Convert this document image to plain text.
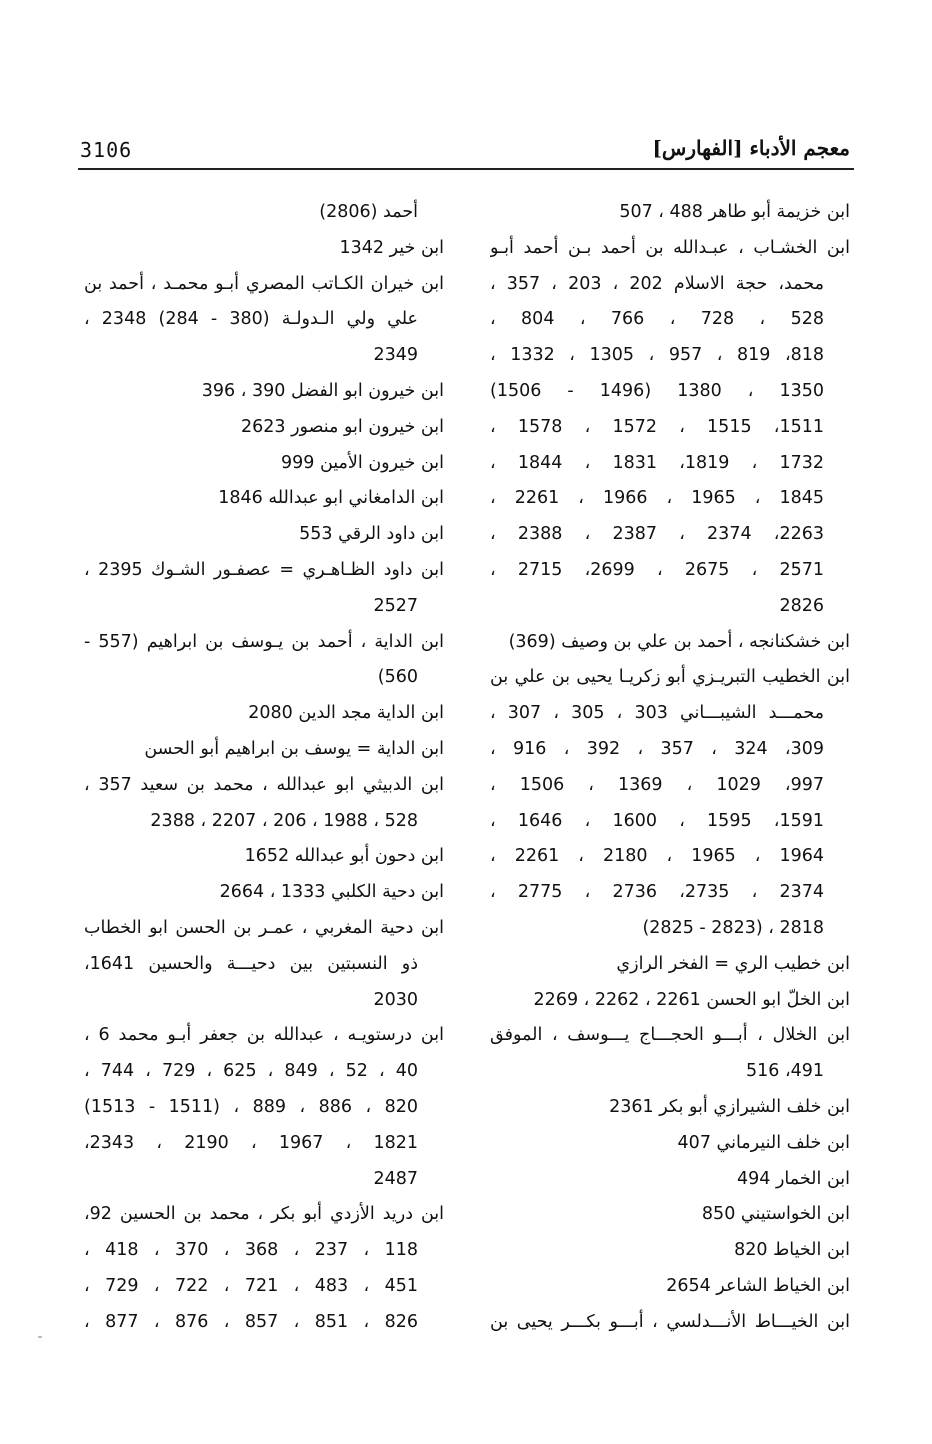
3106	معجم الأدباء [الفهارس]
ابن خزيمة أبو طاهر 488 ، 507
ابن الخشـاب ، عبـدالله بن أحمد بـن أحمد أبـو
محمد، حجة الاسلام 202 ، 203 ، 357 ،
528 ، 728 ، 766 ، 804 ،
818، 819 ، 957 ، 1305 ، 1332 ،
1350 ، 1380 (1496 - 1506)
1511، 1515 ، 1572 ، 1578 ،
1732 ، 1819، 1831 ، 1844 ،
1845 ، 1965 ، 1966 ، 2261 ،
2263، 2374 ، 2387 ، 2388 ،
2571 ، 2675 ، 2699، 2715 ،
2826
ابن خشكنانجه ، أحمد بن علي بن وصيف (369)
ابن الخطيب التبريـزي أبو زكريـا يحيى بن علي بن
محمـــد الشيبـــاني 303 ، 305 ، 307 ،
309، 324 ، 357 ، 392 ، 916 ،
997، 1029 ، 1369 ، 1506 ،
1591، 1595 ، 1600 ، 1646 ،
1964 ، 1965 ، 2180 ، 2261 ،
2374 ، 2735، 2736 ، 2775 ،
2818 ، (2823 - 2825)
ابن خطيب الري = الفخر الرازي
ابن الخلّ ابو الحسن 2261 ، 2262 ، 2269
ابن الخلال ، أبـــو الحجـــاج يـــوسف ، الموفق
491، 516
ابن خلف الشيرازي أبو بكر 2361
ابن خلف النيرماني 407
ابن الخمار 494
ابن الخواستيني 850
ابن الخياط 820
ابن الخياط الشاعر 2654
ابن الخيـــاط الأنـــدلسي ، أبـــو بكـــر يحيى بن
أحمد (2806)
ابن خير 1342
ابن خيران الكـاتب المصري أبـو محمـد ، أحمد بن
علي ولي الـدولـة (380 - 284) 2348 ،
2349
ابن خيرون ابو الفضل 390 ، 396
ابن خيرون ابو منصور 2623
ابن خيرون الأمين 999
ابن الدامغاني ابو عبدالله 1846
ابن داود الرقي 553
ابن داود الظـاهـري = عصفـور الشـوك 2395 ،
2527
ابن الداية ، أحمد بن يـوسف بن ابراهيم (557 -
560)
ابن الداية مجد الدين 2080
ابن الداية = يوسف بن ابراهيم أبو الحسن
ابن الدبيثي ابو عبدالله ، محمد بن سعيد 357 ،
528 ، 1988 ، 206 ، 2207 ، 2388
ابن دحون أبو عبدالله 1652
ابن دحية الكلبي 1333 ، 2664
ابن دحية المغربي ، عمـر بن الحسن ابو الخطاب
ذو النسبتين بين دحيـــة والحسين 1641،
2030
ابن درستويـه ، عبدالله بن جعفر أبـو محمد 6 ،
40 ، 52 ، 849 ، 625 ، 729 ، 744 ،
820 ، 886 ، 889 ، (1511 - 1513)
1821 ، 1967 ، 2190 ، 2343،
2487
ابن دريد الأزدي أبو بكر ، محمد بن الحسين 92،
118 ، 237 ، 368 ، 370 ، 418 ،
451 ، 483 ، 721 ، 722 ، 729 ،
826 ، 851 ، 857 ، 876 ، 877 ،
